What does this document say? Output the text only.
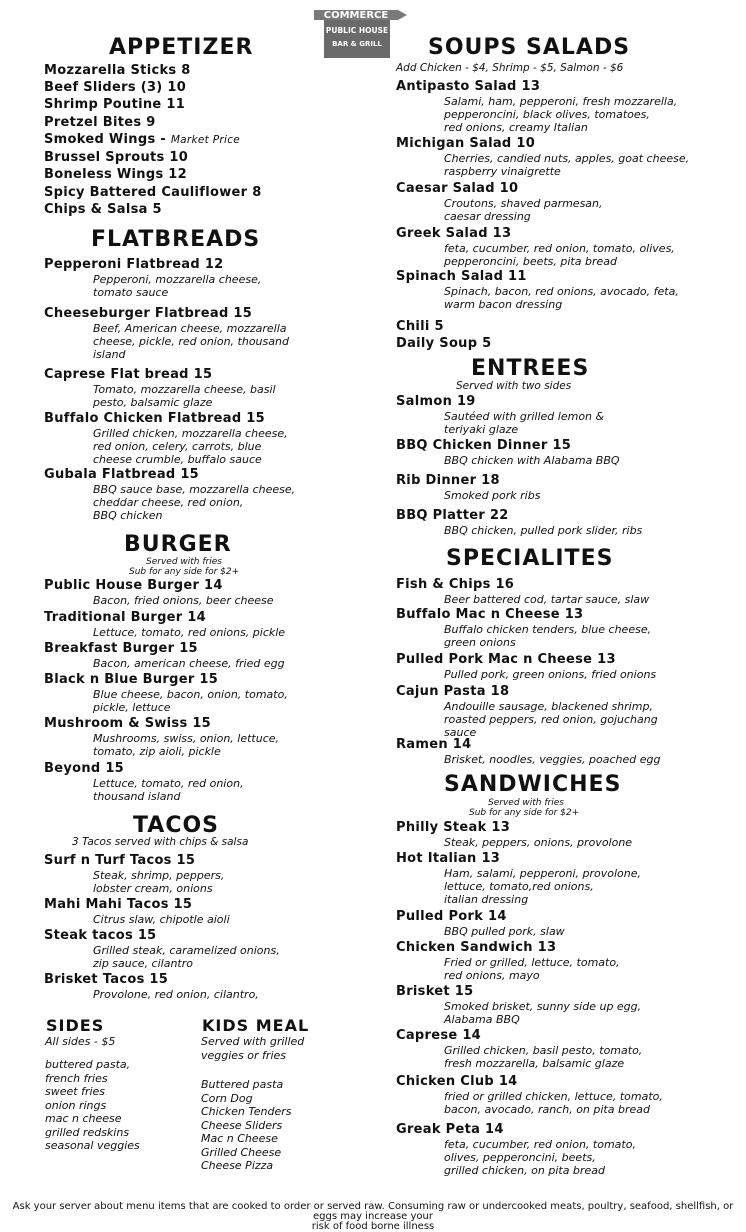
COMMERCE
PUBLIC HOUSE
BAR & GRILL
APPETIZER
Mozzarella Sticks 8
Beef Sliders (3) 10
Shrimp Poutine 11
Pretzel Bites 9
Smoked Wings - Market Price
Brussel Sprouts 10
Boneless Wings 12
Spicy Battered Cauliflower 8
Chips & Salsa 5
FLATBREADS
Pepperoni Flatbread 12
Pepperoni, mozzarella cheese,
tomato sauce
Cheeseburger Flatbread 15
Beef, American cheese, mozzarella
cheese, pickle, red onion, thousand
island
Caprese Flat bread 15
Tomato, mozzarella cheese, basil
pesto, balsamic glaze
Buffalo Chicken Flatbread 15
Grilled chicken, mozzarella cheese,
red onion, celery, carrots, blue
cheese crumble, buffalo sauce
Gubala Flatbread 15
BBQ sauce base, mozzarella cheese,
cheddar cheese, red onion,
BBQ chicken
BURGER
Served with fries
Sub for any side for $2+
Public House Burger 14
Bacon, fried onions, beer cheese
Traditional Burger 14
Lettuce, tomato, red onions, pickle
Breakfast Burger 15
Bacon, american cheese, fried egg
Black n Blue Burger 15
Blue cheese, bacon, onion, tomato,
pickle, lettuce
Mushroom & Swiss 15
Mushrooms, swiss, onion, lettuce,
tomato, zip aioli, pickle
Beyond 15
Lettuce, tomato, red onion,
thousand island
TACOS
3 Tacos served with chips & salsa
Surf n Turf Tacos 15
Steak, shrimp, peppers,
lobster cream, onions
Mahi Mahi Tacos 15
Citrus slaw, chipotle aioli
Steak tacos 15
Grilled steak, caramelized onions,
zip sauce, cilantro
Brisket Tacos 15
Provolone, red onion, cilantro,
SIDES
All sides - $5
buttered pasta,
french fries
sweet fries
onion rings
mac n cheese
grilled redskins
seasonal veggies
KIDS MEAL
Served with grilled
veggies or fries
Buttered pasta
Corn Dog
Chicken Tenders
Cheese Sliders
Mac n Cheese
Grilled Cheese
Cheese Pizza
SOUPS SALADS
Add Chicken - $4, Shrimp - $5, Salmon - $6
Antipasto Salad 13
Salami, ham, pepperoni, fresh mozzarella,
pepperoncini, black olives, tomatoes,
red onions, creamy Italian
Michigan Salad 10
Cherries, candied nuts, apples, goat cheese,
raspberry vinaigrette
Caesar Salad 10
Croutons, shaved parmesan,
caesar dressing
Greek Salad 13
feta, cucumber, red onion, tomato, olives,
pepperoncini, beets, pita bread
Spinach Salad 11
Spinach, bacon, red onions, avocado, feta,
warm bacon dressing
Chili 5
Daily Soup 5
ENTREES
Served with two sides
Salmon 19
Sautéed with grilled lemon &
teriyaki glaze
BBQ Chicken Dinner 15
BBQ chicken with Alabama BBQ
Rib Dinner 18
Smoked pork ribs
BBQ Platter 22
BBQ chicken, pulled pork slider, ribs
SPECIALITES
Fish & Chips 16
Beer battered cod, tartar sauce, slaw
Buffalo Mac n Cheese 13
Buffalo chicken tenders, blue cheese,
green onions
Pulled Pork Mac n Cheese 13
Pulled pork, green onions, fried onions
Cajun Pasta 18
Andouille sausage, blackened shrimp,
roasted peppers, red onion, gojuchang
sauce
Ramen 14
Brisket, noodles, veggies, poached egg
SANDWICHES
Served with fries
Sub for any side for $2+
Philly Steak 13
Steak, peppers, onions, provolone
Hot Italian 13
Ham, salami, pepperoni, provolone,
lettuce, tomato,red onions,
italian dressing
Pulled Pork 14
BBQ pulled pork, slaw
Chicken Sandwich 13
Fried or grilled, lettuce, tomato,
red onions, mayo
Brisket 15
Smoked brisket, sunny side up egg,
Alabama BBQ
Caprese 14
Grilled chicken, basil pesto, tomato,
fresh mozzarella, balsamic glaze
Chicken Club 14
fried or grilled chicken, lettuce, tomato,
bacon, avocado, ranch, on pita bread
Greak Peta 14
feta, cucumber, red onion, tomato,
olives, pepperoncini, beets,
grilled chicken, on pita bread
Ask your server about menu items that are cooked to order or served raw. Consuming raw or undercooked meats, poultry, seafood, shellfish, or eggs may increase your
risk of food borne illness
